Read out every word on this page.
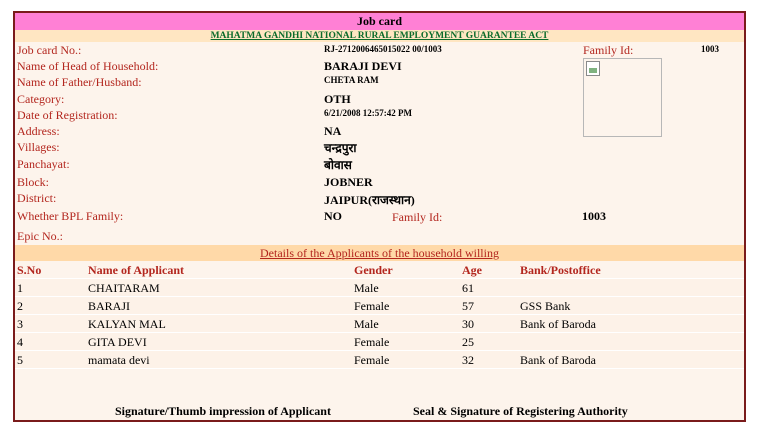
Job card
MAHATMA GANDHI NATIONAL RURAL EMPLOYMENT GUARANTEE ACT
Job card No.:	RJ-2712006465015022 00/1003	Family Id:	1003
Name of Head of Household:	BARAJI DEVI
Name of Father/Husband:	CHETA RAM
Category:	OTH
Date of Registration:	6/21/2008 12:57:42 PM
Address:	NA
Villages:	चन्द्रपुरा
Panchayat:	बोवास
Block:	JOBNER
District:	JAIPUR(राजस्थान)
Whether BPL Family:	NO	Family Id:	1003
Epic No.:
Details of the Applicants of the household willing
S.No	Name of Applicant	Gender	Age	Bank/Postoffice
1	CHAITARAM	Male	61
2	BARAJI	Female	57	GSS Bank
3	KALYAN MAL	Male	30	Bank of Baroda
4	GITA DEVI	Female	25
5	mamata devi	Female	32	Bank of Baroda
Signature/Thumb impression of Applicant	Seal & Signature of Registering Authority
